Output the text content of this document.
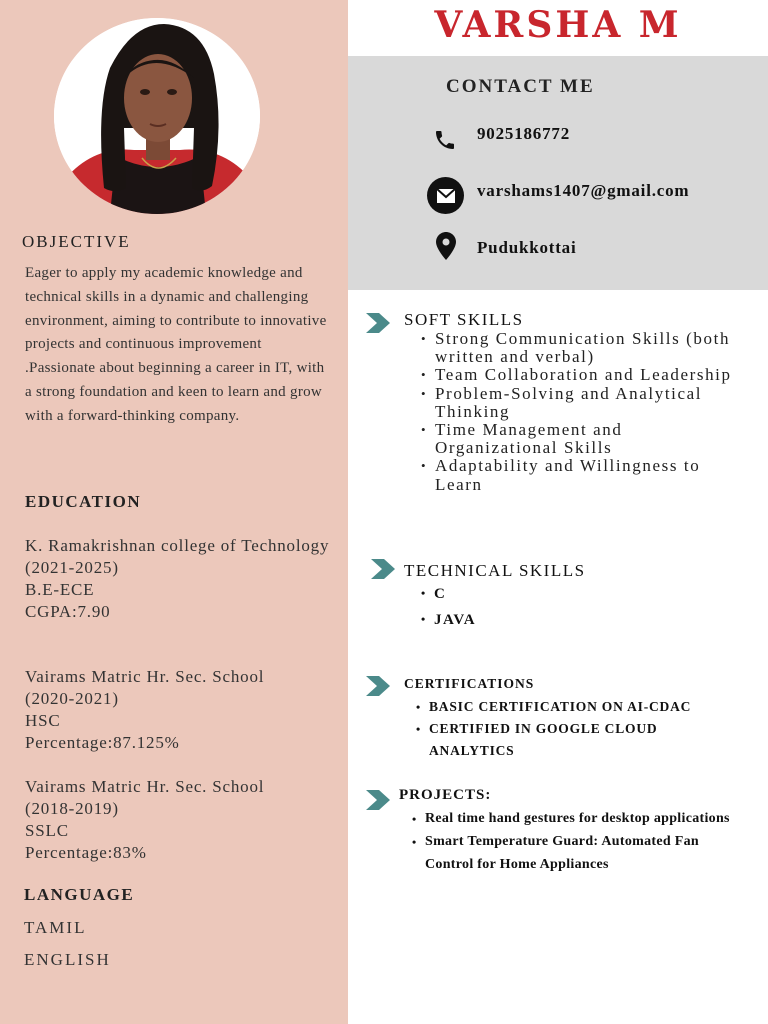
OBJECTIVE

Eager to apply my academic knowledge and technical skills in a dynamic and challenging environment, aiming to contribute to innovative projects and continuous improvement .Passionate about beginning a career in IT, with a strong foundation and keen to learn and grow with a forward-thinking company.

EDUCATION
K. Ramakrishnan college of Technology
(2021-2025)
B.E-ECE
CGPA:7.90
Vairams Matric Hr. Sec. School
(2020-2021)
HSC
Percentage:87.125%
Vairams Matric Hr. Sec. School
(2018-2019)
SSLC
Percentage:83%
LANGUAGE
TAMIL
ENGLISH
VARSHA M
CONTACT ME
9025186772
varshams1407@gmail.com
Pudukkottai
SOFT SKILLS
• Strong Communication Skills (both written and verbal)
• Team Collaboration and Leadership
• Problem-Solving and Analytical Thinking
• Time Management and Organizational Skills
• Adaptability and Willingness to Learn
TECHNICAL SKILLS
• C
• JAVA
CERTIFICATIONS
• BASIC CERTIFICATION ON AI-CDAC
• CERTIFIED IN GOOGLE CLOUD ANALYTICS
PROJECTS:
• Real time hand gestures for desktop applications
• Smart Temperature Guard: Automated Fan Control for Home Appliances
